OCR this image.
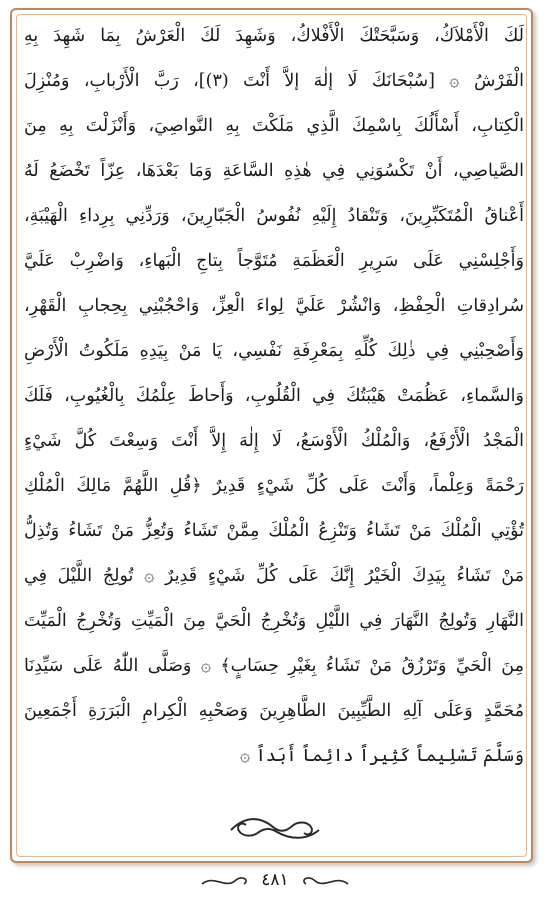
لَكَ الْأَمْلاَكُ، وَسَبَّحَتْكَ الْأَفْلاكُ، وَشَهِدَ لَكَ الْعَرْشُ بِمَا شَهِدَ بِهِ
الْفَرْشُ ۞ [سُبْحَانَكَ لَا إلٰهَ إلاَّ أَنْتَ (٣)]، رَبَّ الْأَرْبابِ، وَمُنْزِلَ
الْكِتابِ، أَسْأَلُكَ بِاسْمِكَ الَّذِي مَلَكْتَ بِهِ النَّواصِيَ، وَأَنْزَلْتَ بِهِ مِنَ
الصَّياصِي، أَنْ تَكْسُوَنِي فِي هٰذِهِ السَّاعَةِ وَمَا بَعْدَهَا، عِزّاً تَخْضَعُ لَهُ
أَعْناقُ الْمُتَكَبِّرِينَ، وَتَنْقادُ إِلَيْهِ نُفُوسُ الْجَبّارِينَ، وَرَدِّنِي بِرِداءِ الْهَيْبَةِ،
وَأَجْلِسْنِي عَلَى سَرِيرِ الْعَظَمَةِ مُتَوَّجاً بِتاجِ الْبَهاءِ، وَاضْرِبْ عَلَيَّ
سُرادِقاتِ الْحِفْظِ، وَانْشُرْ عَلَيَّ لِواءَ الْعِزِّ، وَاحْجُبْنِي بِحِجابِ الْقَهْرِ،
وَأَصْحِبْنِي فِي ذٰلِكَ كُلِّهِ بِمَعْرِفَةِ نَفْسِي، يَا مَنْ بِيَدِهِ مَلَكُوتُ الْأَرْضِ
وَالسَّماءِ، عَظُمَتْ هَيْبَتُكَ فِي الْقُلُوبِ، وَأَحاطَ عِلْمُكَ بِالْغُيُوبِ، فَلَكَ
الْمَجْدُ الْأَرْفَعُ، وَالْمُلْكُ الْأَوْسَعُ، لَا إِلٰهَ إِلاَّ أَنْتَ وَسِعْتَ كُلَّ شَيْءٍ
رَحْمَةً وَعِلْماً، وَأَنْتَ عَلَى كُلِّ شَيْءٍ قَدِيرٌ ﴿قُلِ اللَّهُمَّ مَالِكَ الْمُلْكِ
تُؤْتِي الْمُلْكَ مَنْ تَشَاءُ وَتَنْزِعُ الْمُلْكَ مِمَّنْ تَشَاءُ وَتُعِزُّ مَنْ تَشَاءُ وَتُذِلُّ
مَنْ تَشَاءُ بِيَدِكَ الْخَيْرُ إِنَّكَ عَلَى كُلِّ شَيْءٍ قَدِيرٌ ۞ تُولِجُ اللَّيْلَ فِي
النَّهَارِ وَتُولِجُ النَّهَارَ فِي اللَّيْلِ وَتُخْرِجُ الْحَيَّ مِنَ الْمَيِّتِ وَتُخْرِجُ الْمَيِّتَ
مِنَ الْحَيِّ وَتَرْزُقُ مَنْ تَشَاءُ بِغَيْرِ حِسَابٍ﴾ ۞ وَصَلَّى اللّٰهُ عَلَى سَيِّدِنَا
مُحَمَّدٍ وَعَلَى آلِهِ الطَّيِّبِينَ الطَّاهِرِينَ وَصَحْبِهِ الْكِرامِ الْبَرَرَةِ أَجْمَعِينَ
وَسَلَّمَ تَسْلِيماً كَثِيراً دائِماً أَبَداً ۞
٤٨١
